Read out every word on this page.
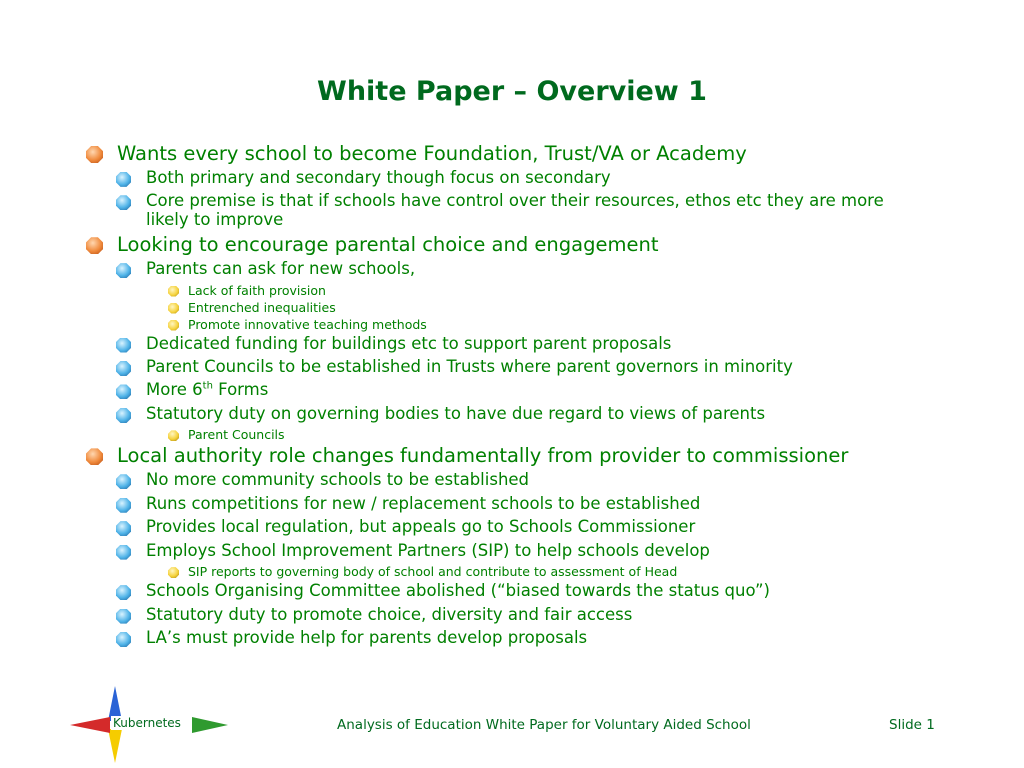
White Paper – Overview 1
Wants every school to become Foundation, Trust/VA or Academy
Both primary and secondary though focus on secondary
Core premise is that if schools have control over their resources, ethos etc they are more likely to improve
Looking to encourage parental choice and engagement
Parents can ask for new schools,
Lack of faith provision
Entrenched inequalities
Promote innovative teaching methods
Dedicated funding for buildings etc to support parent proposals
Parent Councils to be established in Trusts where parent governors in minority
More 6th Forms
Statutory duty on governing bodies to have due regard to views of parents
Parent Councils
Local authority role changes fundamentally from provider to commissioner
No more community schools to be established
Runs competitions for new / replacement schools to be established
Provides local regulation, but appeals go to Schools Commissioner
Employs School Improvement Partners (SIP) to help schools develop
SIP reports to governing body of school and contribute to assessment of Head
Schools Organising Committee abolished (“biased towards the status quo”)
Statutory duty to promote choice, diversity and fair access
LA’s must provide help for parents develop proposals
Kubernetes	Analysis of Education White Paper for Voluntary Aided School	Slide 1
